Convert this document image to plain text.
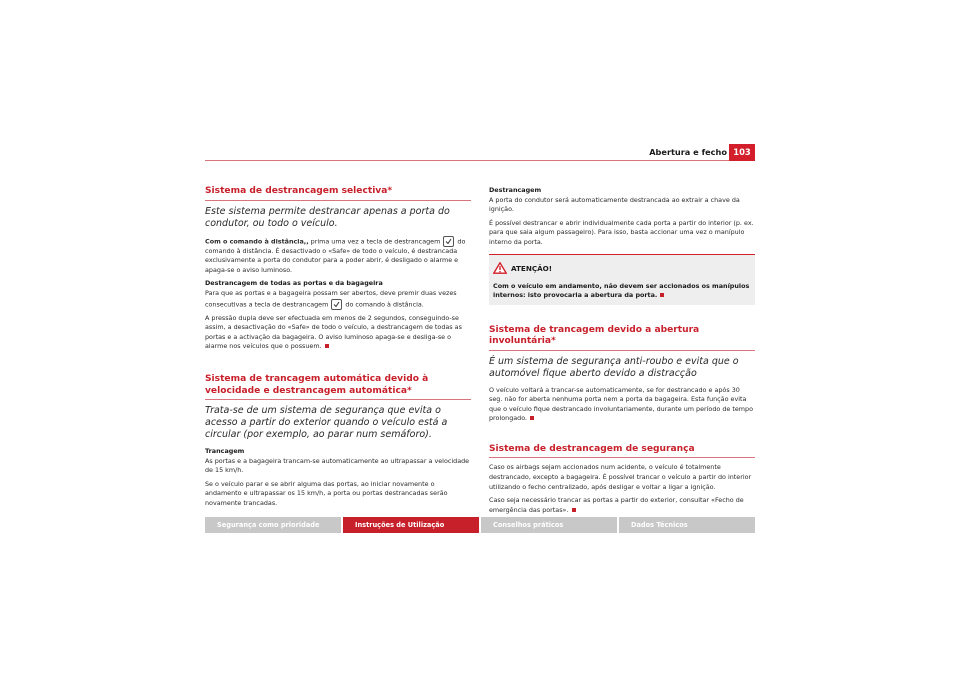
Abertura e fecho 103
Sistema de destrancagem selectiva*
Este sistema permite destrancar apenas a porta do condutor, ou todo o veículo.

Com o comando à distância,, prima uma vez a tecla de destrancagem
do comando à distância. É desactivado o «Safe» de todo o veículo, é destrancada exclusivamente a porta do condutor para a poder abrir, é desligado o alarme e apaga-se o aviso luminoso.

Destrancagem de todas as portas e da bagageira

Para que as portas e a bagageira possam ser abertos, deve premir duas vezes consecutivas a tecla de destrancagem
do comando à distância.

A pressão dupla deve ser efectuada em menos de 2 segundos, conseguindo-se assim, a desactivação do «Safe» de todo o veículo, a destrancagem de todas as portas e a activação da bagageira. O aviso luminoso apaga-se e desliga-se o alarme nos veículos que o possuem.

Sistema de trancagem automática devido à velocidade e destrancagem automática*
Trata-se de um sistema de segurança que evita o acesso a partir do exterior quando o veículo está a circular (por exemplo, ao parar num semáforo).
Trancagem

As portas e a bagageira trancam-se automaticamente ao ultrapassar a velocidade de 15 km/h.

Se o veículo parar e se abrir alguma das portas, ao iniciar novamente o andamento e ultrapassar os 15 km/h, a porta ou portas destrancadas serão novamente trancadas.

Destrancagem

A porta do condutor será automaticamente destrancada ao extrair a chave da ignição.

É possível destrancar e abrir individualmente cada porta a partir do interior (p. ex. para que saia algum passageiro). Para isso, basta accionar uma vez o manípulo interno da porta.

ATENÇÃO!
Com o veículo em andamento, não devem ser accionados os manípulos internos: isto provocaria a abertura da porta.
Sistema de trancagem devido a abertura involuntária*
É um sistema de segurança anti-roubo e evita que o automóvel fique aberto devido a distracção

O veículo voltará a trancar-se automaticamente, se for destrancado e após 30 seg. não for aberta nenhuma porta nem a porta da bagageira. Esta função evita que o veículo fique destrancado involuntariamente, durante um período de tempo prolongado.

Sistema de destrancagem de segurança

Caso os airbags sejam accionados num acidente, o veículo é totalmente destrancado, excepto a bagageira. É possível trancar o veículo a partir do interior utilizando o fecho centralizado, após desligar e voltar a ligar a ignição.

Caso seja necessário trancar as portas a partir do exterior, consultar «Fecho de emergência das portas».

Segurança como prioridade	Instruções de Utilização	Conselhos práticos	Dados Técnicos
